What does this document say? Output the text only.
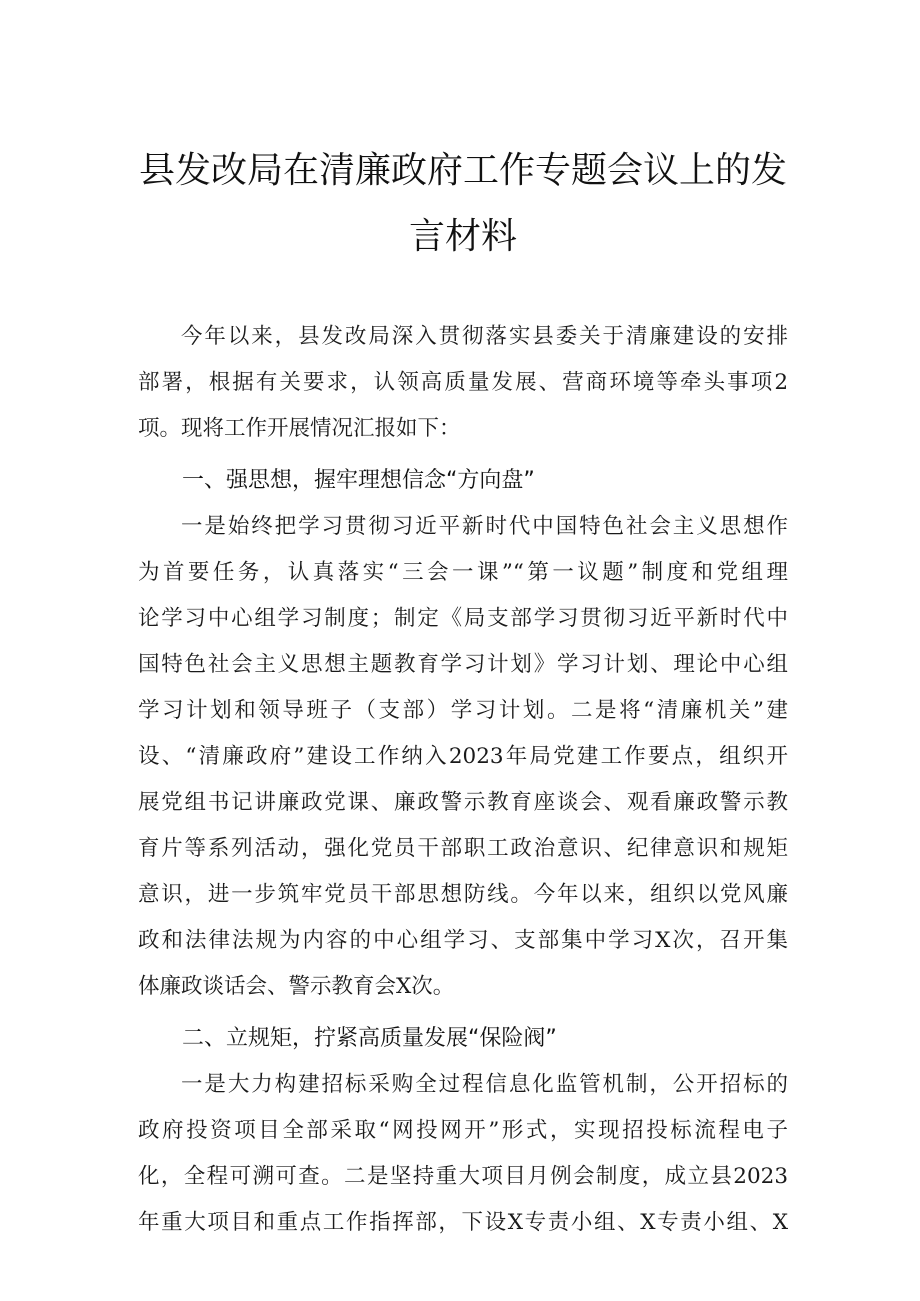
县发改局在清廉政府工作专题会议上的发
言材料

今年以来，县发改局深入贯彻落实县委关于清廉建设的安排
部署，根据有关要求，认领高质量发展、营商环境等牵头事项2
项。现将工作开展情况汇报如下：

一、强思想，握牢理想信念“方向盘”

一是始终把学习贯彻习近平新时代中国特色社会主义思想作
为首要任务，认真落实“三会一课”“第一议题”制度和党组理
论学习中心组学习制度；制定《局支部学习贯彻习近平新时代中
国特色社会主义思想主题教育学习计划》学习计划、理论中心组
学习计划和领导班子（支部）学习计划。二是将“清廉机关”建
设、“清廉政府”建设工作纳入2023年局党建工作要点，组织开
展党组书记讲廉政党课、廉政警示教育座谈会、观看廉政警示教
育片等系列活动，强化党员干部职工政治意识、纪律意识和规矩
意识，进一步筑牢党员干部思想防线。今年以来，组织以党风廉
政和法律法规为内容的中心组学习、支部集中学习X次，召开集
体廉政谈话会、警示教育会X次。

二、立规矩，拧紧高质量发展“保险阀”

一是大力构建招标采购全过程信息化监管机制，公开招标的
政府投资项目全部采取“网投网开”形式，实现招投标流程电子
化，全程可溯可查。二是坚持重大项目月例会制度，成立县2023
年重大项目和重点工作指挥部，下设X专责小组、X专责小组、X
